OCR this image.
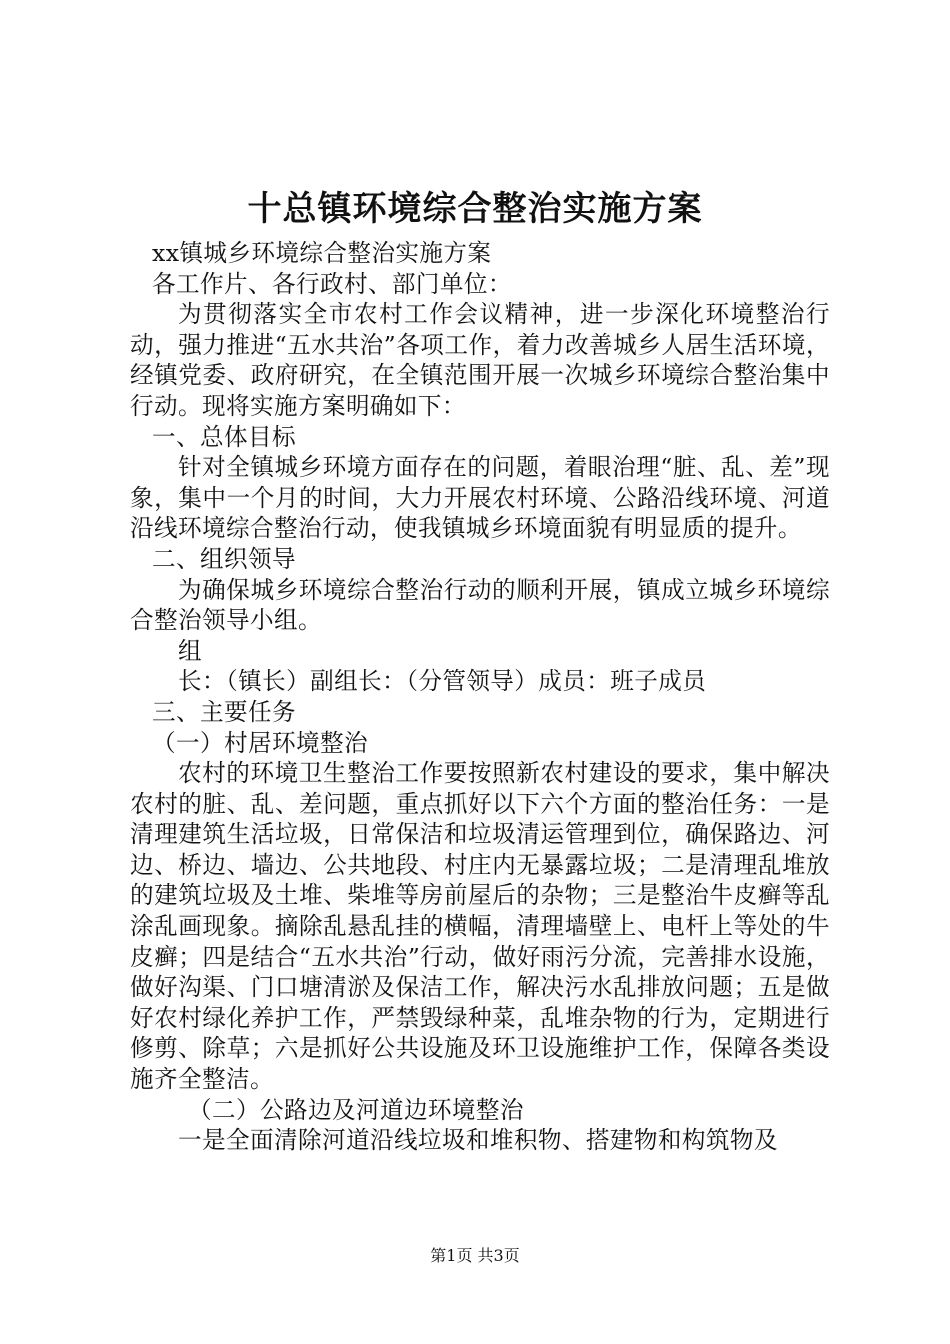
十总镇环境综合整治实施方案

xx镇城乡环境综合整治实施方案

各工作片、各行政村、部门单位：

为贯彻落实全市农村工作会议精神，进一步深化环境整治行动，强力推进“五水共治”各项工作，着力改善城乡人居生活环境，经镇党委、政府研究，在全镇范围开展一次城乡环境综合整治集中行动。现将实施方案明确如下：

一、总体目标

针对全镇城乡环境方面存在的问题，着眼治理“脏、乱、差”现象，集中一个月的时间，大力开展农村环境、公路沿线环境、河道沿线环境综合整治行动，使我镇城乡环境面貌有明显质的提升。

二、组织领导

为确保城乡环境综合整治行动的顺利开展，镇成立城乡环境综合整治领导小组。

组

长：（镇长）副组长：（分管领导）成员：班子成员

三、主要任务

（一）村居环境整治

农村的环境卫生整治工作要按照新农村建设的要求，集中解决农村的脏、乱、差问题，重点抓好以下六个方面的整治任务：一是清理建筑生活垃圾，日常保洁和垃圾清运管理到位，确保路边、河边、桥边、墙边、公共地段、村庄内无暴露垃圾；二是清理乱堆放的建筑垃圾及土堆、柴堆等房前屋后的杂物；三是整治牛皮癣等乱涂乱画现象。摘除乱悬乱挂的横幅，清理墙壁上、电杆上等处的牛皮癣；四是结合“五水共治”行动，做好雨污分流，完善排水设施，做好沟渠、门口塘清淤及保洁工作，解决污水乱排放问题；五是做好农村绿化养护工作，严禁毁绿种菜，乱堆杂物的行为，定期进行修剪、除草；六是抓好公共设施及环卫设施维护工作，保障各类设施齐全整洁。

（二）公路边及河道边环境整治

一是全面清除河道沿线垃圾和堆积物、搭建物和构筑物及

第1页 共3页
